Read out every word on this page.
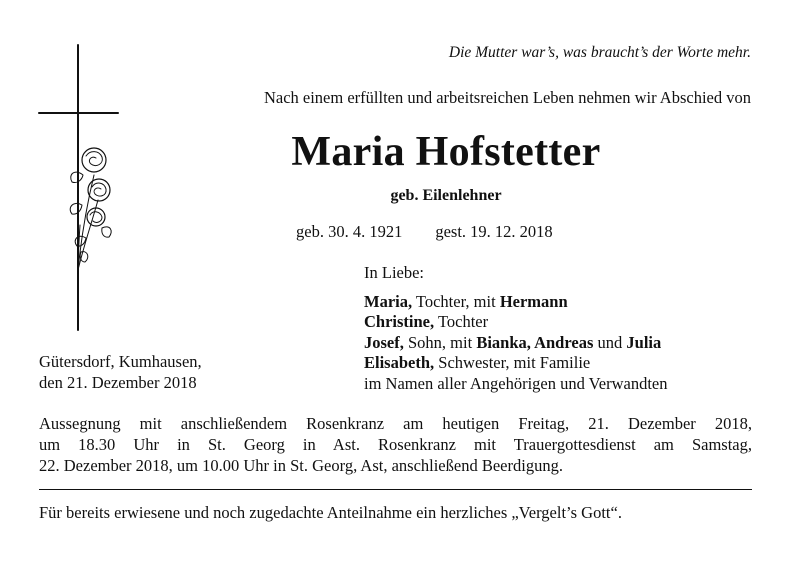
Die Mutter war’s, was braucht’s der Worte mehr.

Nach einem erfüllten und arbeitsreichen Leben nehmen wir Abschied von

Maria Hofstetter

geb. Eilenlehner

geb. 30. 4. 1921 gest. 19. 12. 2018

In Liebe:
Maria, Tochter, mit Hermann
Christine, Tochter
Josef, Sohn, mit Bianka, Andreas und Julia
Elisabeth, Schwester, mit Familie
im Namen aller Angehörigen und Verwandten
Gütersdorf, Kumhausen,
den 21. Dezember 2018
Aussegnung mit anschließendem Rosenkranz am heutigen Freitag, 21. Dezember 2018,
um 18.30 Uhr in St. Georg in Ast. Rosenkranz mit Trauergottesdienst am Samstag,
22. Dezember 2018, um 10.00 Uhr in St. Georg, Ast, anschließend Beerdigung.

Für bereits erwiesene und noch zugedachte Anteilnahme ein herzliches „Vergelt’s Gott“.
